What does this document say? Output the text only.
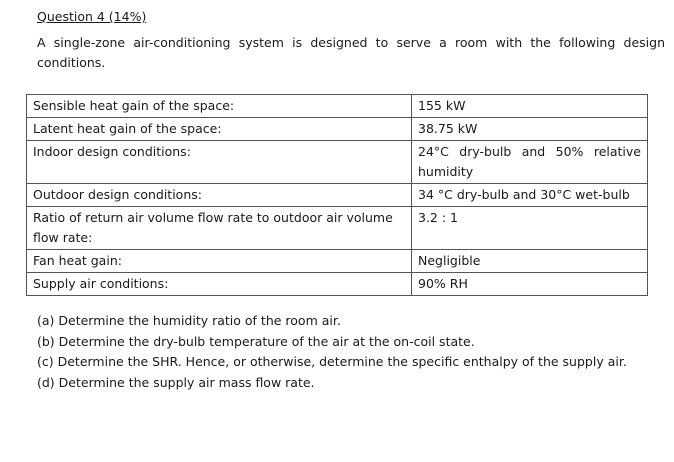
Question 4 (14%)
A single-zone air-conditioning system is designed to serve a room with the following design conditions.
Sensible heat gain of the space:	155 kW
Latent heat gain of the space:	38.75 kW
Indoor design conditions:	24°C dry-bulb and 50% relative humidity
Outdoor design conditions:	34 °C dry-bulb and 30°C wet-bulb
Ratio of return air volume flow rate to outdoor air volume flow rate:	3.2 : 1
Fan heat gain:	Negligible
Supply air conditions:	90% RH
(a) Determine the humidity ratio of the room air.
(b) Determine the dry-bulb temperature of the air at the on-coil state.
(c) Determine the SHR. Hence, or otherwise, determine the specific enthalpy of the supply air.
(d) Determine the supply air mass flow rate.
